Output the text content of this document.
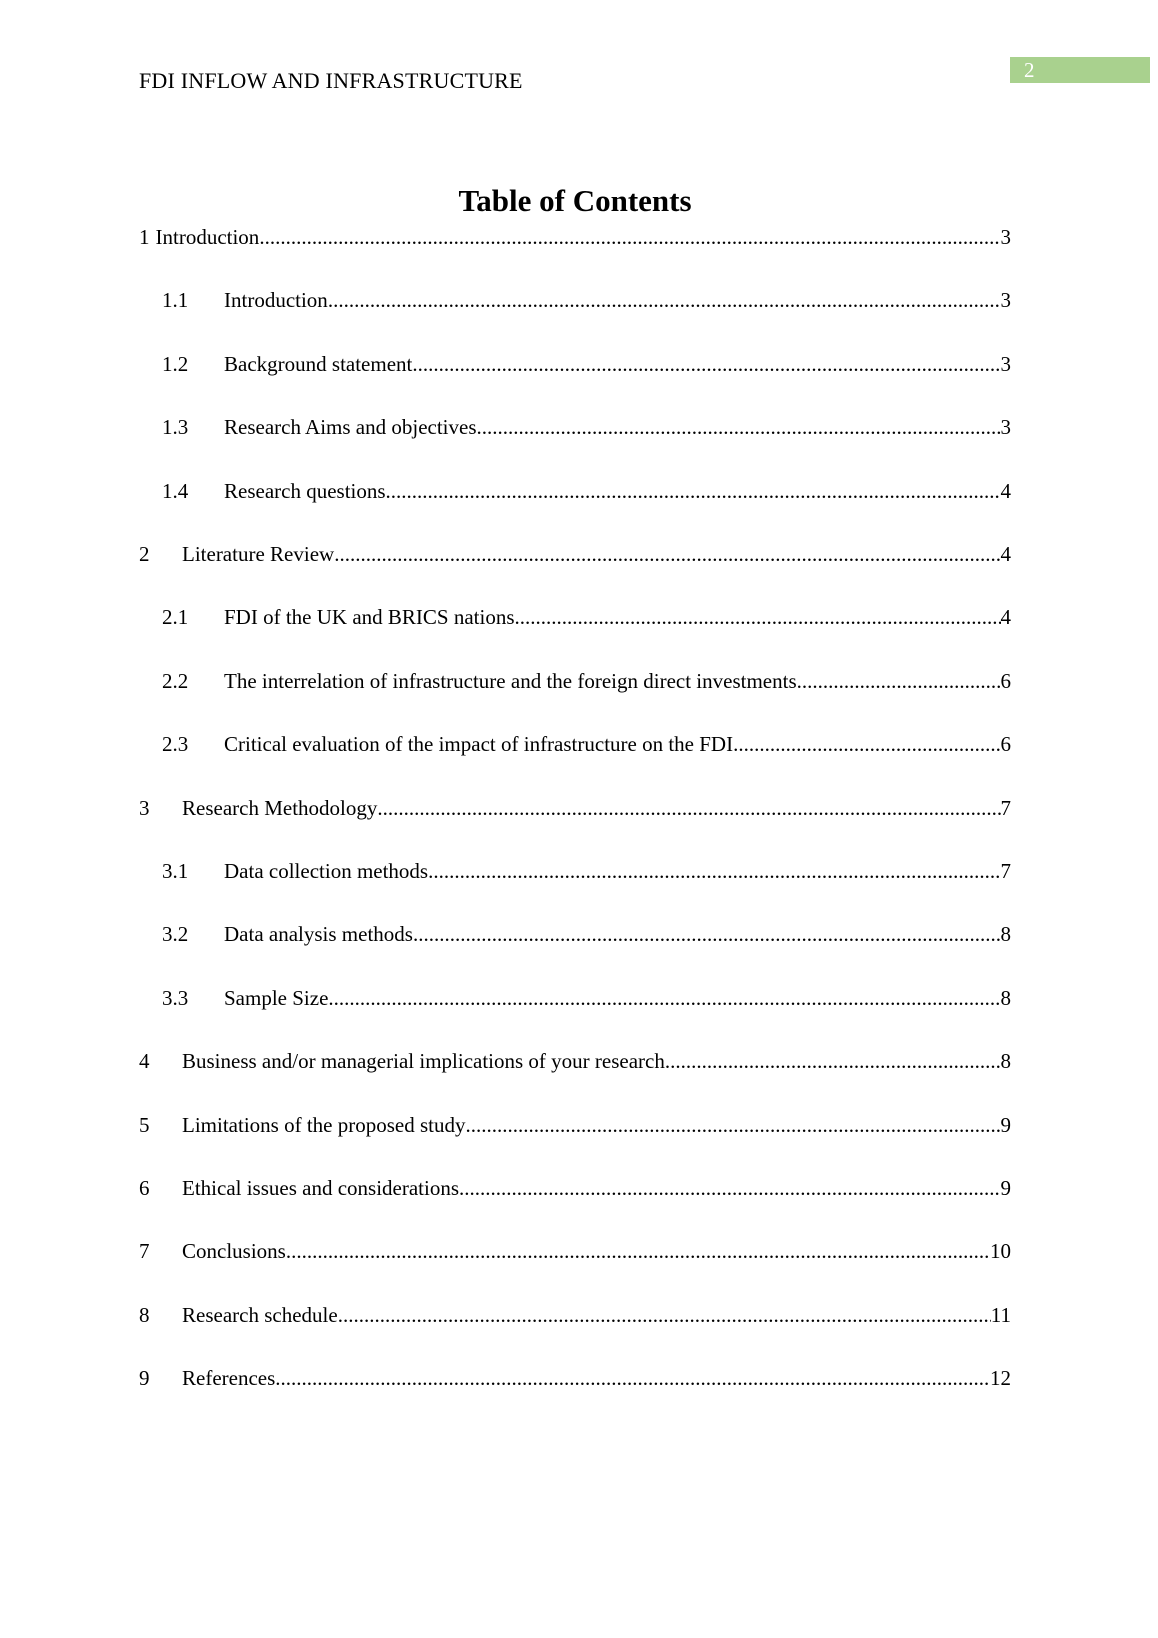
FDI INFLOW AND INFRASTRUCTURE	2
Table of Contents
1 Introduction .....	3
1.1	Introduction .....	3
1.2	Background statement .....	3
1.3	Research Aims and objectives .....	3
1.4	Research questions .....	4
2	Literature Review .....	4
2.1	FDI of the UK and BRICS nations .....	4
2.2	The interrelation of infrastructure and the foreign direct investments .....	6
2.3	Critical evaluation of the impact of infrastructure on the FDI .....	6
3	Research Methodology .....	7
3.1	Data collection methods .....	7
3.2	Data analysis methods .....	8
3.3	Sample Size .....	8
4	Business and/or managerial implications of your research .....	8
5	Limitations of the proposed study .....	9
6	Ethical issues and considerations .....	9
7	Conclusions .....	10
8	Research schedule .....	11
9	References .....	12
